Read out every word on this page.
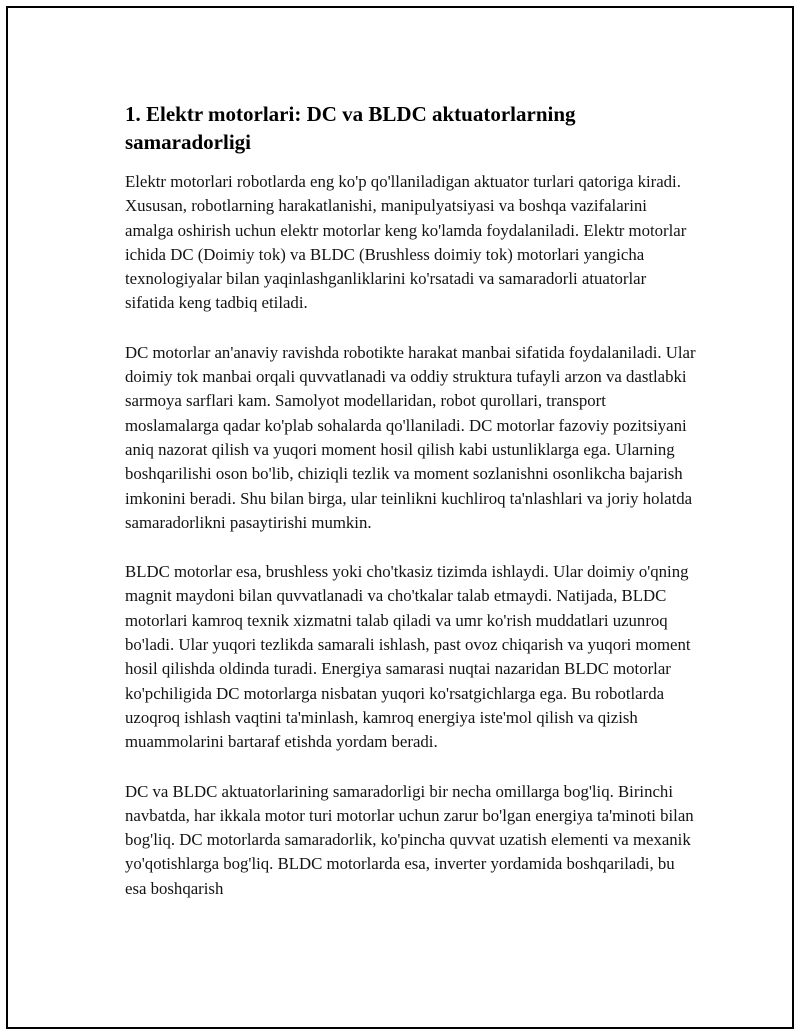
1. Elektr motorlari: DC va BLDC aktuatorlarning samaradorligi

Elektr motorlari robotlarda eng ko'p qo'llaniladigan aktuator turlari qatoriga kiradi. Xususan, robotlarning harakatlanishi, manipulyatsiyasi va boshqa vazifalarini amalga oshirish uchun elektr motorlar keng ko'lamda foydalaniladi. Elektr motorlar ichida DC (Doimiy tok) va BLDC (Brushless doimiy tok) motorlari yangicha texnologiyalar bilan yaqinlashganliklarini ko'rsatadi va samaradorli atuatorlar sifatida keng tadbiq etiladi.

DC motorlar an'anaviy ravishda robotikte harakat manbai sifatida foydalaniladi. Ular doimiy tok manbai orqali quvvatlanadi va oddiy struktura tufayli arzon va dastlabki sarmoya sarflari kam. Samolyot modellaridan, robot qurollari, transport moslamalarga qadar ko'plab sohalarda qo'llaniladi. DC motorlar fazoviy pozitsiyani aniq nazorat qilish va yuqori moment hosil qilish kabi ustunliklarga ega. Ularning boshqarilishi oson bo'lib, chiziqli tezlik va moment sozlanishni osonlikcha bajarish imkonini beradi. Shu bilan birga, ular teinlikni kuchliroq ta'nlashlari va joriy holatda samaradorlikni pasaytirishi mumkin.

BLDC motorlar esa, brushless yoki cho'tkasiz tizimda ishlaydi. Ular doimiy o'qning magnit maydoni bilan quvvatlanadi va cho'tkalar talab etmaydi. Natijada, BLDC motorlari kamroq texnik xizmatni talab qiladi va umr ko'rish muddatlari uzunroq bo'ladi. Ular yuqori tezlikda samarali ishlash, past ovoz chiqarish va yuqori moment hosil qilishda oldinda turadi. Energiya samarasi nuqtai nazaridan BLDC motorlar ko'pchiligida DC motorlarga nisbatan yuqori ko'rsatgichlarga ega. Bu robotlarda uzoqroq ishlash vaqtini ta'minlash, kamroq energiya iste'mol qilish va qizish muammolarini bartaraf etishda yordam beradi.

DC va BLDC aktuatorlarining samaradorligi bir necha omillarga bog'liq. Birinchi navbatda, har ikkala motor turi motorlar uchun zarur bo'lgan energiya ta'minoti bilan bog'liq. DC motorlarda samaradorlik, ko'pincha quvvat uzatish elementi va mexanik yo'qotishlarga bog'liq. BLDC motorlarda esa, inverter yordamida boshqariladi, bu esa boshqarish
